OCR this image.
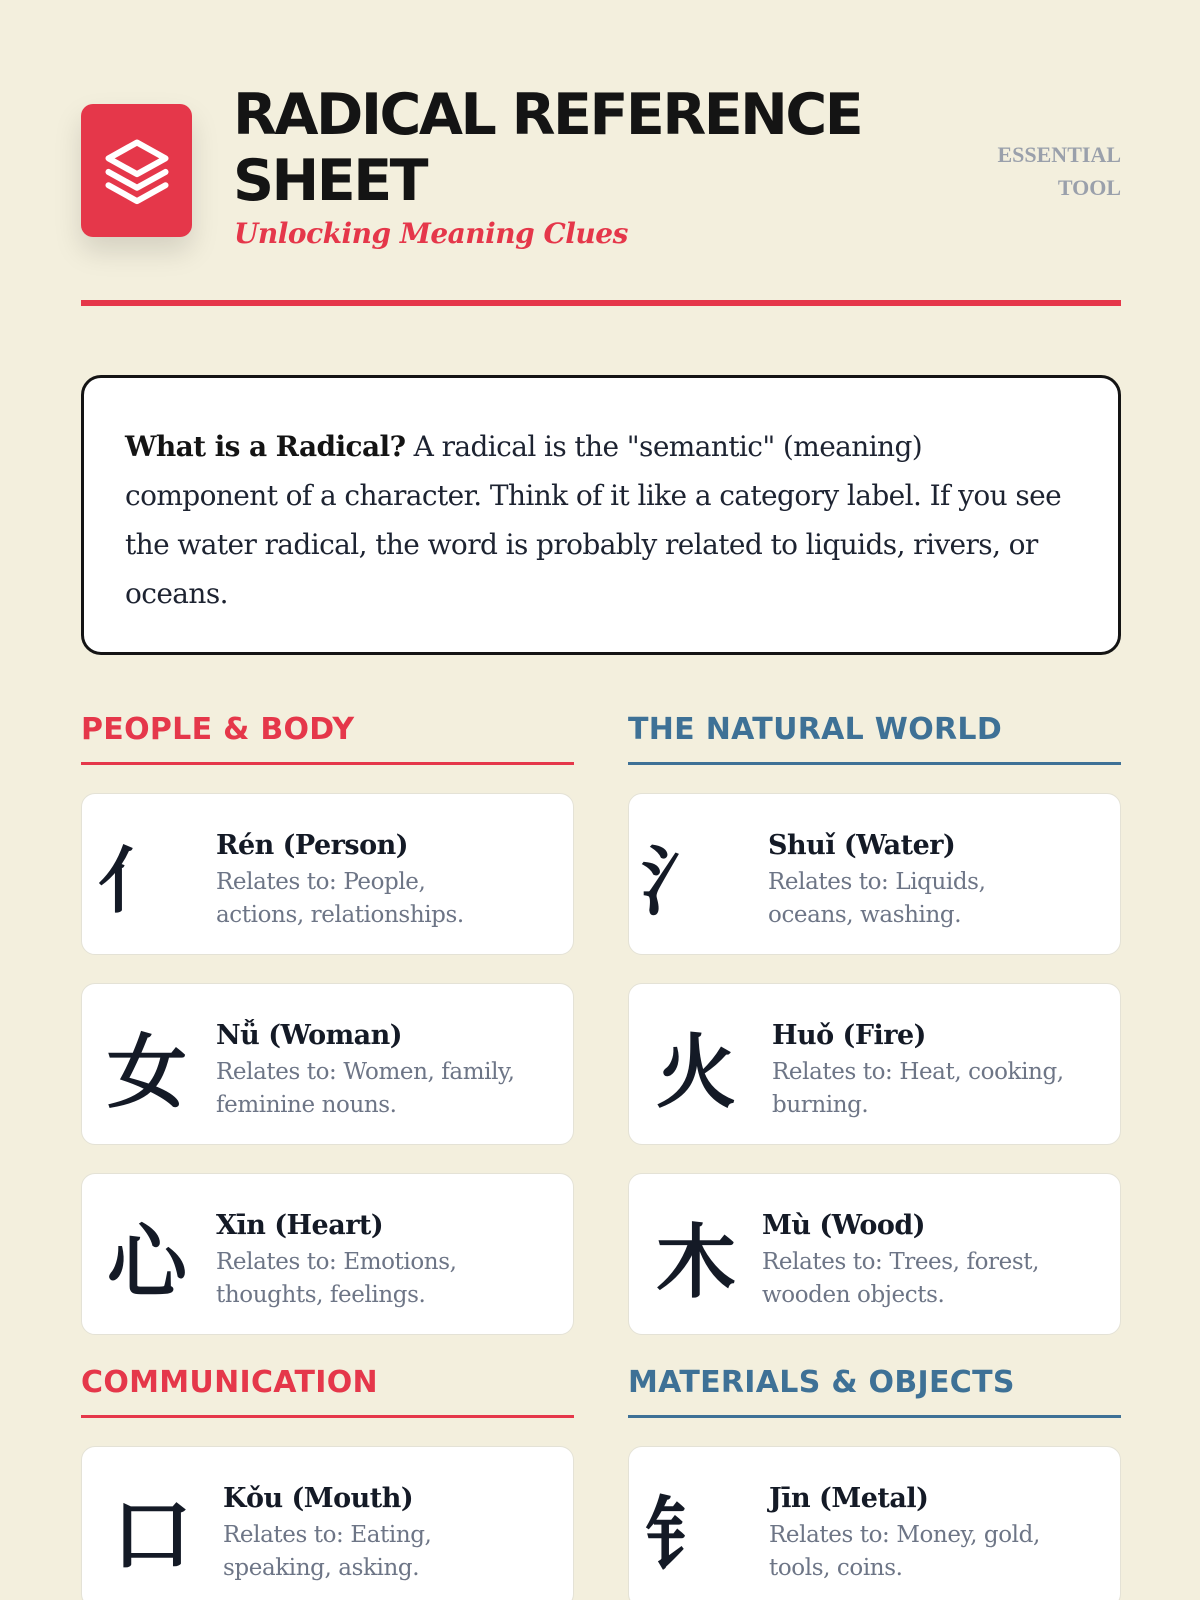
RADICAL REFERENCE SHEET
Unlocking Meaning Clues
ESSENTIAL TOOL

What is a Radical? A radical is the "semantic" (meaning) component of a character. Think of it like a category label. If you see the water radical, the word is probably related to liquids, rivers, or oceans.

PEOPLE & BODY
亻 Rén (Person)
Relates to: People, actions, relationships.
女 Nǚ (Woman)
Relates to: Women, family, feminine nouns.
心 Xīn (Heart)
Relates to: Emotions, thoughts, feelings.
THE NATURAL WORLD
氵 Shuǐ (Water)
Relates to: Liquids, oceans, washing.
火 Huǒ (Fire)
Relates to: Heat, cooking, burning.
木 Mù (Wood)
Relates to: Trees, forest, wooden objects.
COMMUNICATION
口 Kǒu (Mouth)
Relates to: Eating, speaking, asking.
MATERIALS & OBJECTS
钅 Jīn (Metal)
Relates to: Money, gold, tools, coins.
